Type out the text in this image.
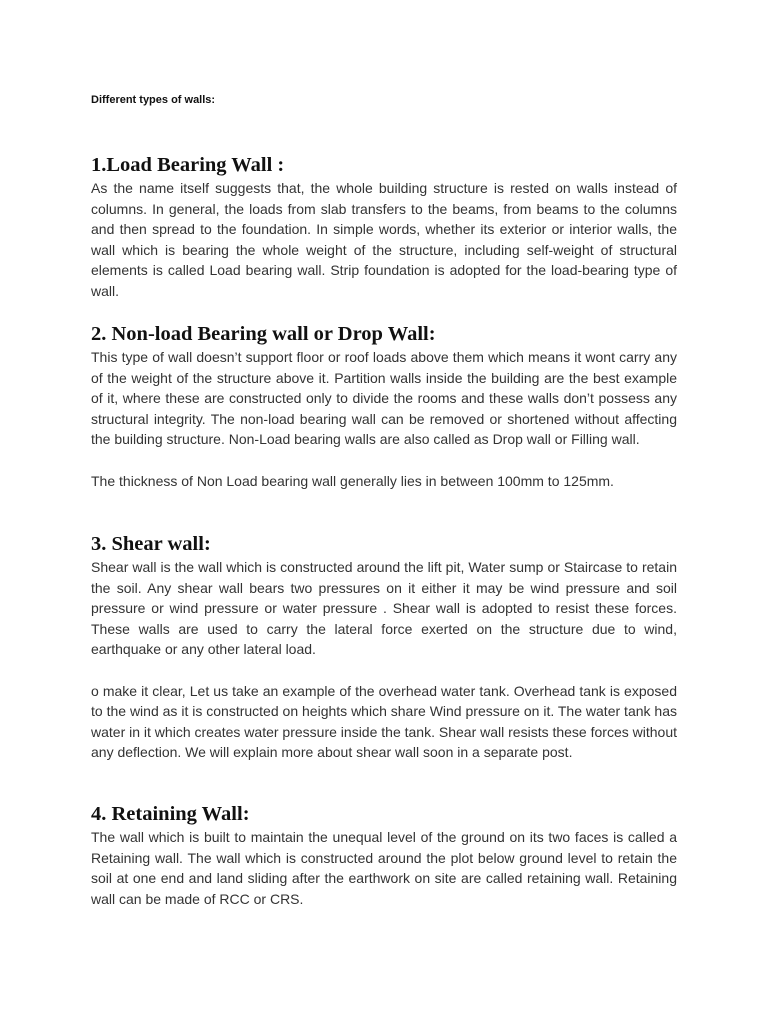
Different types of walls:
1.Load Bearing Wall :

As the name itself suggests that, the whole building structure is rested on walls instead of columns. In general, the loads from slab transfers to the beams, from beams to the columns and then spread to the foundation. In simple words, whether its exterior or interior walls, the wall which is bearing the whole weight of the structure, including self-weight of structural elements is called Load bearing wall. Strip foundation is adopted for the load-bearing type of wall.

2. Non-load Bearing wall or Drop Wall:

This type of wall doesn’t support floor or roof loads above them which means it wont carry any of the weight of the structure above it. Partition walls inside the building are the best example of it, where these are constructed only to divide the rooms and these walls don’t possess any structural integrity. The non-load bearing wall can be removed or shortened without affecting the building structure. Non-Load bearing walls are also called as Drop wall or Filling wall.

The thickness of Non Load bearing wall generally lies in between 100mm to 125mm.

3. Shear wall:

Shear wall is the wall which is constructed around the lift pit, Water sump or Staircase to retain the soil. Any shear wall bears two pressures on it either it may be wind pressure and soil pressure or wind pressure or water pressure . Shear wall is adopted to resist these forces. These walls are used to carry the lateral force exerted on the structure due to wind, earthquake or any other lateral load.

o make it clear, Let us take an example of the overhead water tank. Overhead tank is exposed to the wind as it is constructed on heights which share Wind pressure on it. The water tank has water in it which creates water pressure inside the tank. Shear wall resists these forces without any deflection. We will explain more about shear wall soon in a separate post.

4. Retaining Wall:

The wall which is built to maintain the unequal level of the ground on its two faces is called a Retaining wall. The wall which is constructed around the plot below ground level to retain the soil at one end and land sliding after the earthwork on site are called retaining wall. Retaining wall can be made of RCC or CRS.
